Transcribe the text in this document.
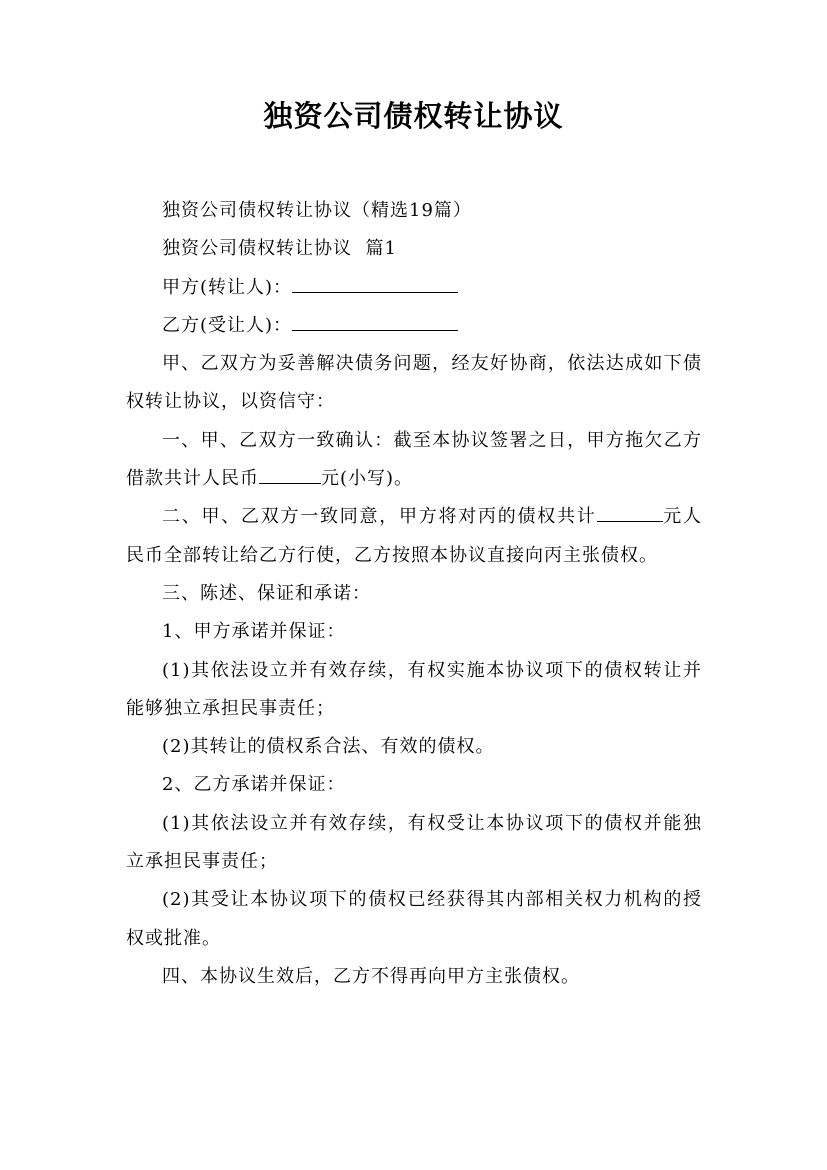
独资公司债权转让协议

独资公司债权转让协议（精选19篇）

独资公司债权转让协议  篇1

甲方(转让人)：

乙方(受让人)：

甲、乙双方为妥善解决债务问题，经友好协商，依法达成如下债权转让协议，以资信守：

一、甲、乙双方一致确认：截至本协议签署之日，甲方拖欠乙方借款共计人民币	元(小写)。

二、甲、乙双方一致同意，甲方将对丙的债权共计	元人民币全部转让给乙方行使，乙方按照本协议直接向丙主张债权。

三、陈述、保证和承诺：

1、甲方承诺并保证：

(1)其依法设立并有效存续，有权实施本协议项下的债权转让并能够独立承担民事责任；

(2)其转让的债权系合法、有效的债权。

2、乙方承诺并保证：

(1)其依法设立并有效存续，有权受让本协议项下的债权并能独立承担民事责任；

(2)其受让本协议项下的债权已经获得其内部相关权力机构的授权或批准。

四、本协议生效后，乙方不得再向甲方主张债权。
